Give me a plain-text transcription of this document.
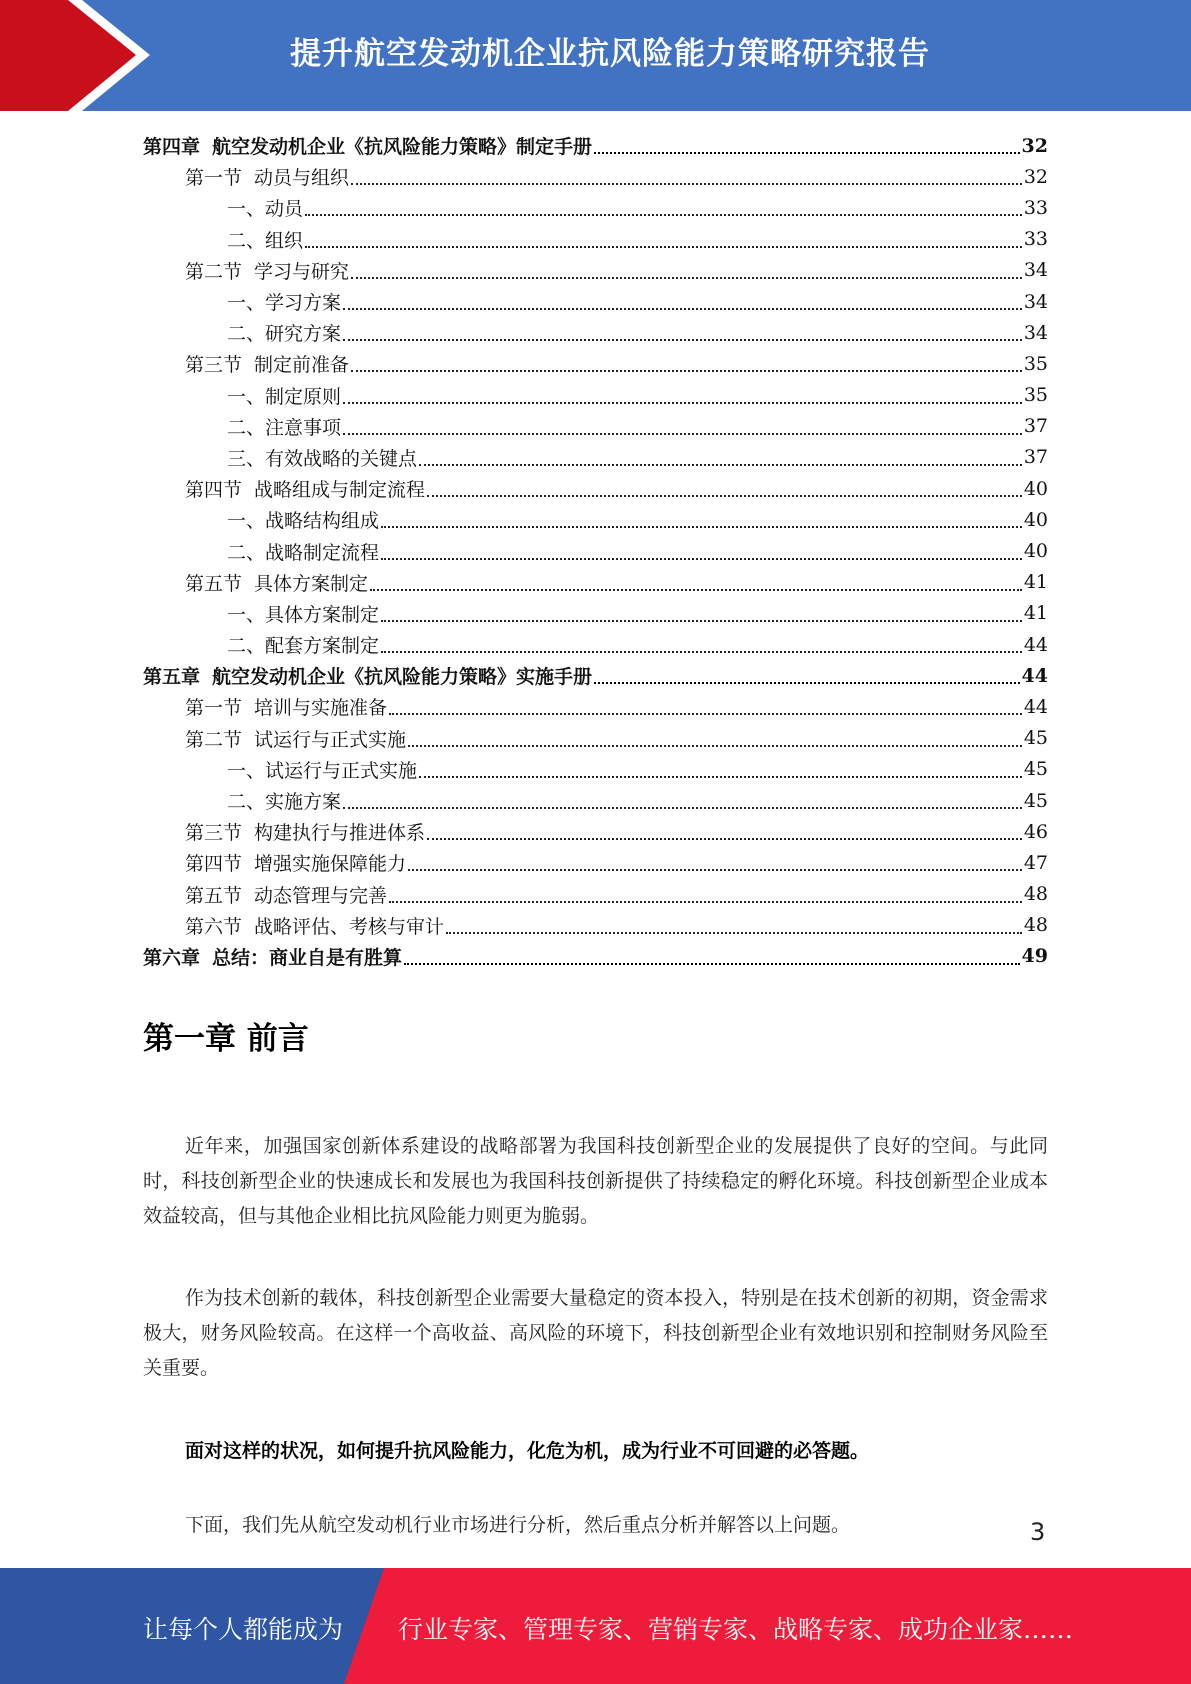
提升航空发动机企业抗风险能力策略研究报告
第四章 航空发动机企业《抗风险能力策略》制定手册	32
第一节 动员与组织	32
一、动员	33
二、组织	33
第二节 学习与研究	34
一、学习方案	34
二、研究方案	34
第三节 制定前准备	35
一、制定原则	35
二、注意事项	37
三、有效战略的关键点	37
第四节 战略组成与制定流程	40
一、战略结构组成	40
二、战略制定流程	40
第五节 具体方案制定	41
一、具体方案制定	41
二、配套方案制定	44
第五章 航空发动机企业《抗风险能力策略》实施手册	44
第一节 培训与实施准备	44
第二节 试运行与正式实施	45
一、试运行与正式实施	45
二、实施方案	45
第三节 构建执行与推进体系	46
第四节 增强实施保障能力	47
第五节 动态管理与完善	48
第六节 战略评估、考核与审计	48
第六章 总结：商业自是有胜算	49
第一章 前言

近年来，加强国家创新体系建设的战略部署为我国科技创新型企业的发展提供了良好的空间。与此同时，科技创新型企业的快速成长和发展也为我国科技创新提供了持续稳定的孵化环境。科技创新型企业成本效益较高，但与其他企业相比抗风险能力则更为脆弱。

作为技术创新的载体，科技创新型企业需要大量稳定的资本投入，特别是在技术创新的初期，资金需求极大，财务风险较高。在这样一个高收益、高风险的环境下，科技创新型企业有效地识别和控制财务风险至关重要。

面对这样的状况，如何提升抗风险能力，化危为机，成为行业不可回避的必答题。

下面，我们先从航空发动机行业市场进行分析，然后重点分析并解答以上问题。	3
让每个人都能成为 行业专家、管理专家、营销专家、战略专家、成功企业家……
